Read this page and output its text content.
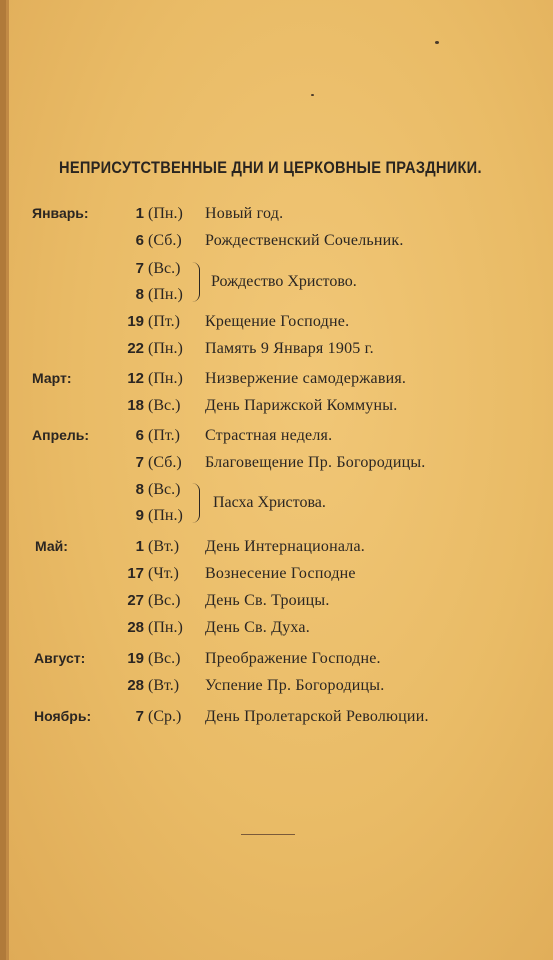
НЕПРИСУТСТВЕННЫЕ ДНИ И ЦЕРКОВНЫЕ ПРАЗДНИКИ.
Январь:	1 (Пн.) Новый год.
6 (Сб.) Рождественский Сочельник.
7 (Вс.)
8 (Пн.)
Рождество Христово.
19 (Пт.) Крещение Господне.
22 (Пн.) Память 9 Января 1905 г.
Март:	12 (Пн.) Низвержение самодержавия.
18 (Вс.) День Парижской Коммуны.
Апрель:	6 (Пт.) Страстная неделя.
7 (Сб.) Благовещение Пр. Богородицы.
8 (Вс.)
9 (Пн.)
Пасха Христова.
Май:	1 (Вт.) День Интернационала.
17 (Чт.) Вознесение Господне
27 (Вс.) День Св. Троицы.
28 (Пн.) День Св. Духа.
Август:	19 (Вс.) Преображение Господне.
28 (Вт.) Успение Пр. Богородицы.
Ноябрь:	7 (Ср.) День Пролетарской Революции.
